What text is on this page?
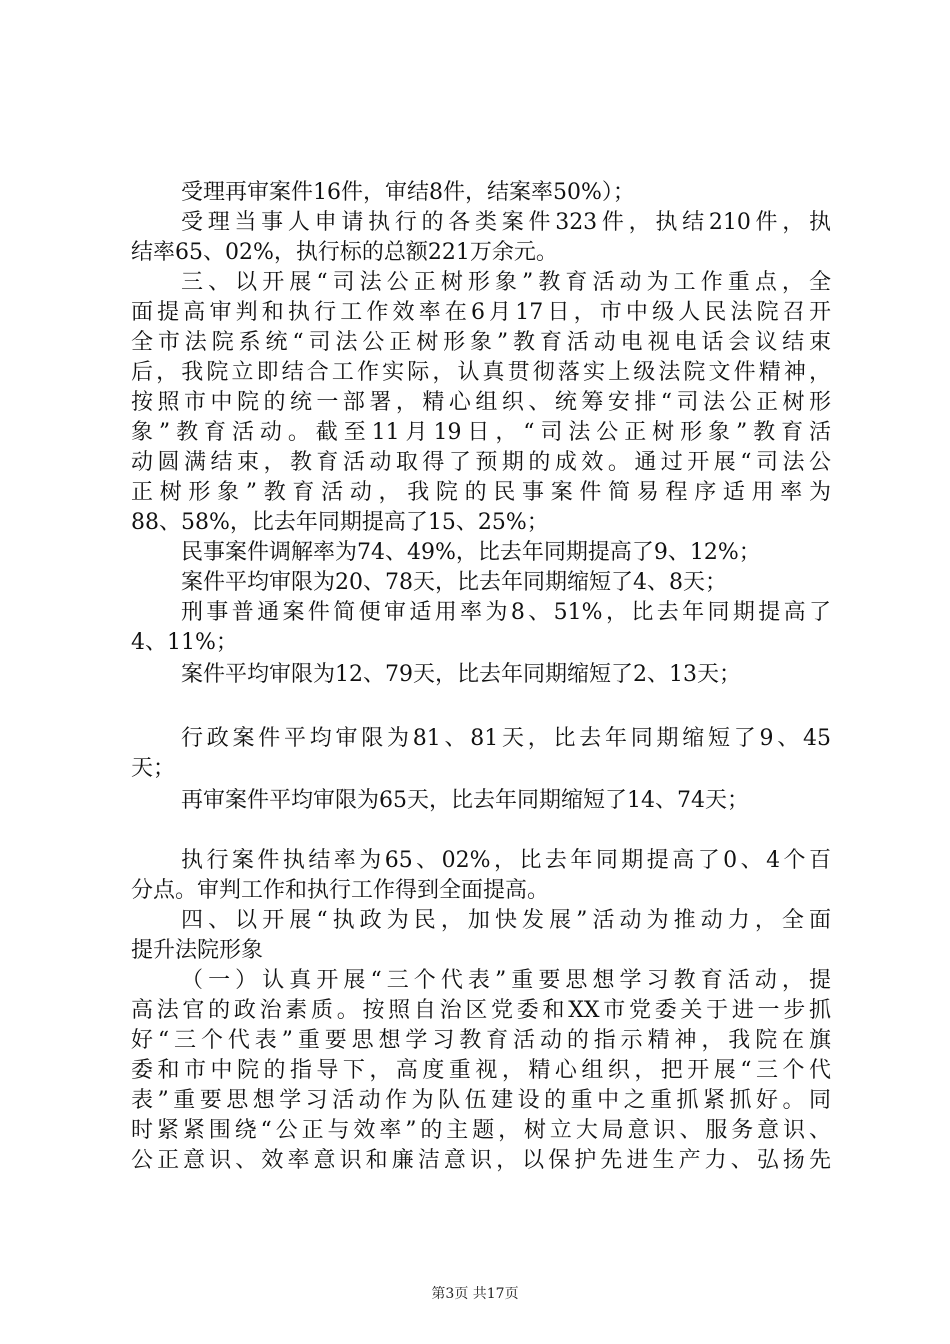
受理再审案件16件，审结8件，结案率50%）；
受理当事人申请执行的各类案件323件，执结210件，执
结率65、02%，执行标的总额221万余元。
三、以开展“司法公正树形象”教育活动为工作重点，全
面提高审判和执行工作效率在6月17日，市中级人民法院召开
全市法院系统“司法公正树形象”教育活动电视电话会议结束
后，我院立即结合工作实际，认真贯彻落实上级法院文件精神，
按照市中院的统一部署，精心组织、统筹安排“司法公正树形
象”教育活动。截至11月19日，“司法公正树形象”教育活
动圆满结束，教育活动取得了预期的成效。通过开展“司法公
正树形象”教育活动，我院的民事案件简易程序适用率为
88、58%，比去年同期提高了15、25%；
民事案件调解率为74、49%，比去年同期提高了9、12%；
案件平均审限为20、78天，比去年同期缩短了4、8天；
刑事普通案件简便审适用率为8、51%，比去年同期提高了
4、11%；
案件平均审限为12、79天，比去年同期缩短了2、13天；
行政案件平均审限为81、81天，比去年同期缩短了9、45
天；
再审案件平均审限为65天，比去年同期缩短了14、74天；
执行案件执结率为65、02%，比去年同期提高了0、4个百
分点。审判工作和执行工作得到全面提高。
四、以开展“执政为民，加快发展”活动为推动力，全面
提升法院形象
（一）认真开展“三个代表”重要思想学习教育活动，提
高法官的政治素质。按照自治区党委和XX市党委关于进一步抓
好“三个代表”重要思想学习教育活动的指示精神，我院在旗
委和市中院的指导下，高度重视，精心组织，把开展“三个代
表”重要思想学习活动作为队伍建设的重中之重抓紧抓好。同
时紧紧围绕“公正与效率”的主题，树立大局意识、服务意识、
公正意识、效率意识和廉洁意识，以保护先进生产力、弘扬先
第3页 共17页
